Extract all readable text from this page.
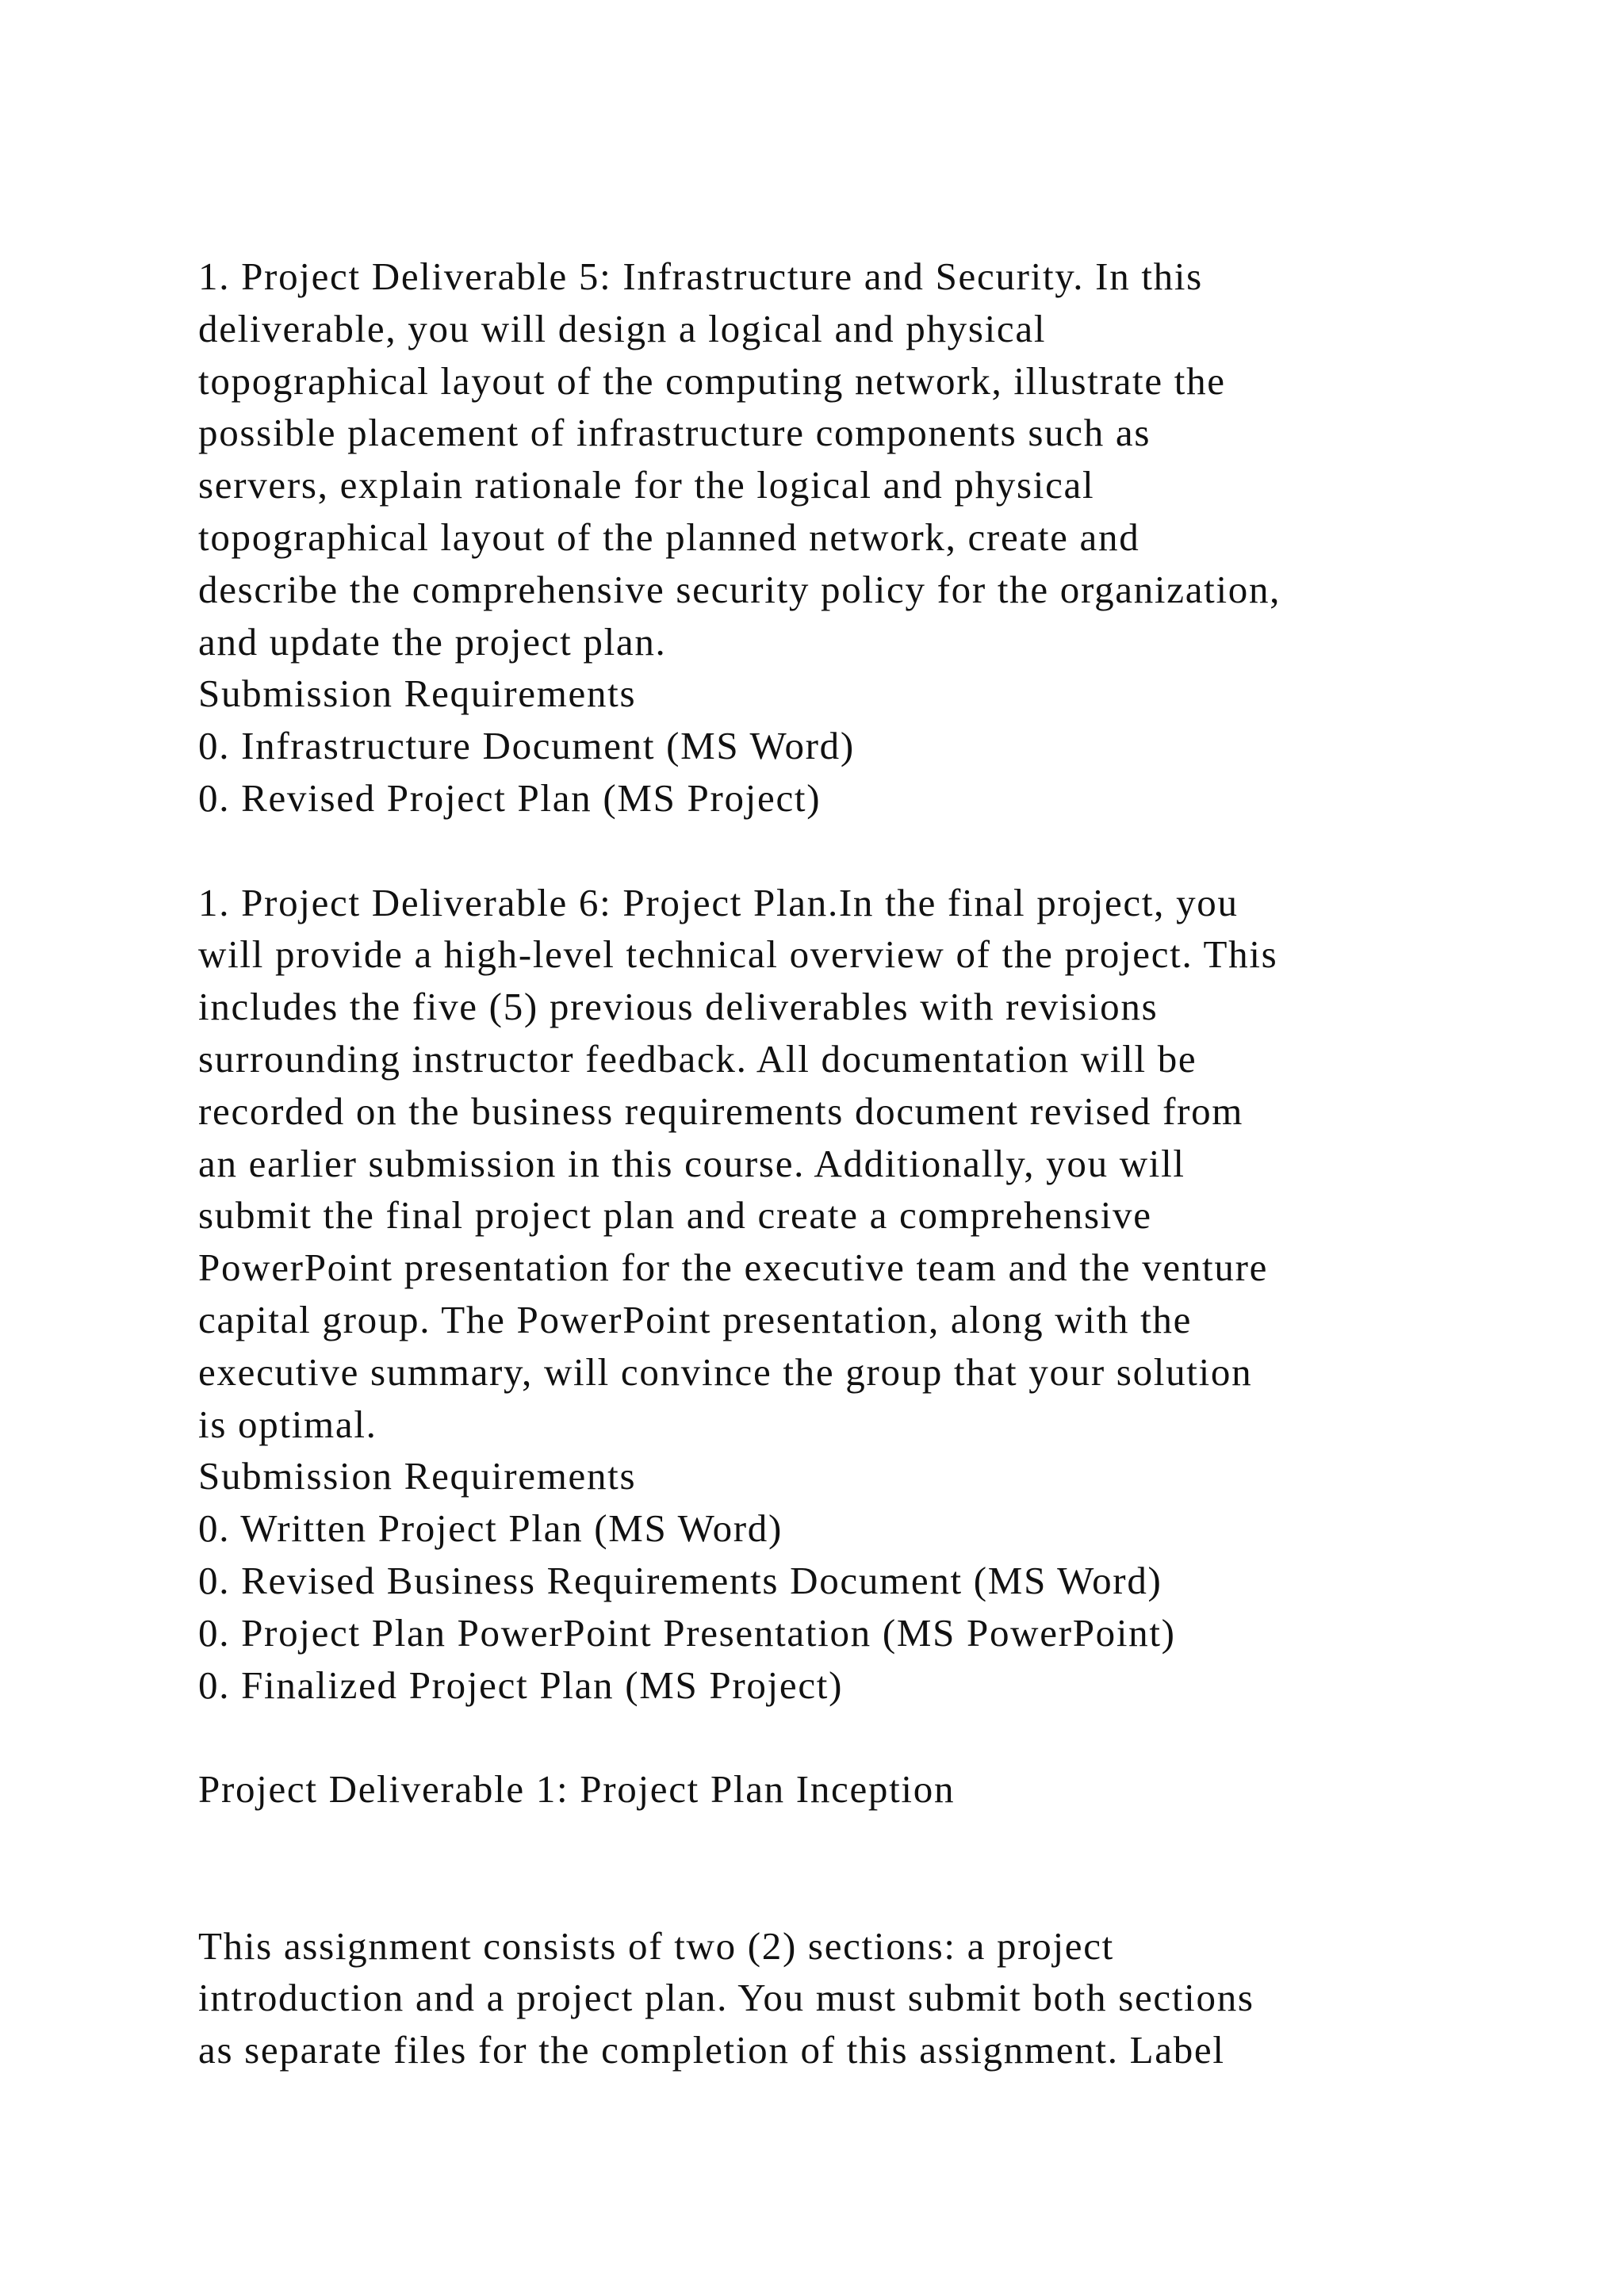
1. Project Deliverable 5: Infrastructure and Security. In this
deliverable, you will design a logical and physical
topographical layout of the computing network, illustrate the
possible placement of infrastructure components such as
servers, explain rationale for the logical and physical
topographical layout of the planned network, create and
describe the comprehensive security policy for the organization,
and update the project plan.
Submission Requirements
0. Infrastructure Document (MS Word)
0. Revised Project Plan (MS Project)
1. Project Deliverable 6: Project Plan.In the final project, you
will provide a high-level technical overview of the project. This
includes the five (5) previous deliverables with revisions
surrounding instructor feedback. All documentation will be
recorded on the business requirements document revised from
an earlier submission in this course. Additionally, you will
submit the final project plan and create a comprehensive
PowerPoint presentation for the executive team and the venture
capital group. The PowerPoint presentation, along with the
executive summary, will convince the group that your solution
is optimal.
Submission Requirements
0. Written Project Plan (MS Word)
0. Revised Business Requirements Document (MS Word)
0. Project Plan PowerPoint Presentation (MS PowerPoint)
0. Finalized Project Plan (MS Project)
Project Deliverable 1: Project Plan Inception
This assignment consists of two (2) sections: a project
introduction and a project plan. You must submit both sections
as separate files for the completion of this assignment. Label
